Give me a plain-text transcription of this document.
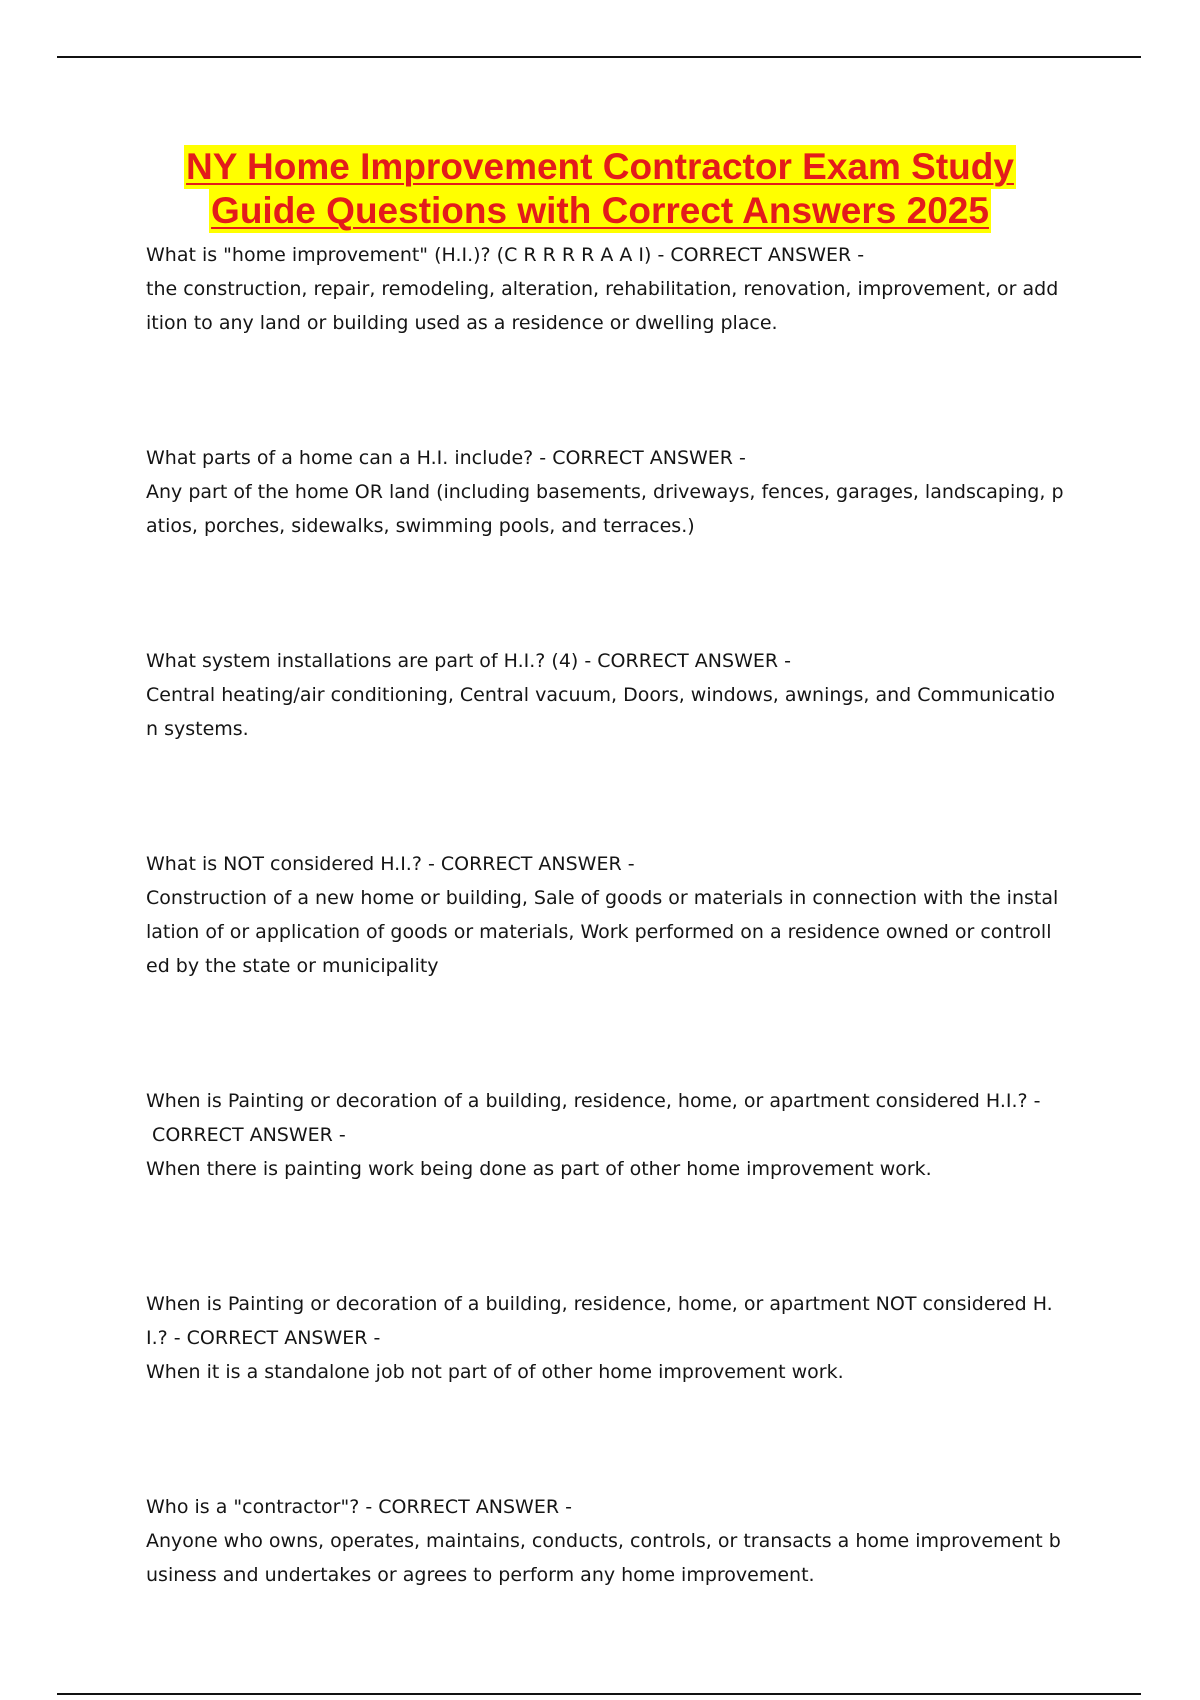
NY Home Improvement Contractor Exam Study
Guide Questions with Correct Answers 2025
What is "home improvement" (H.I.)? (C R R R R A A I) - CORRECT ANSWER -
the construction, repair, remodeling, alteration, rehabilitation, renovation, improvement, or add
ition to any land or building used as a residence or dwelling place.
What parts of a home can a H.I. include? - CORRECT ANSWER -
Any part of the home OR land (including basements, driveways, fences, garages, landscaping, p
atios, porches, sidewalks, swimming pools, and terraces.)
What system installations are part of H.I.? (4) - CORRECT ANSWER -
Central heating/air conditioning, Central vacuum, Doors, windows, awnings, and Communicatio
n systems.
What is NOT considered H.I.? - CORRECT ANSWER -
Construction of a new home or building, Sale of goods or materials in connection with the instal
lation of or application of goods or materials, Work performed on a residence owned or controll
ed by the state or municipality
When is Painting or decoration of a building, residence, home, or apartment considered H.I.? -
CORRECT ANSWER -
When there is painting work being done as part of other home improvement work.
When is Painting or decoration of a building, residence, home, or apartment NOT considered H.
I.? - CORRECT ANSWER -
When it is a standalone job not part of of other home improvement work.
Who is a "contractor"? - CORRECT ANSWER -
Anyone who owns, operates, maintains, conducts, controls, or transacts a home improvement b
usiness and undertakes or agrees to perform any home improvement.
